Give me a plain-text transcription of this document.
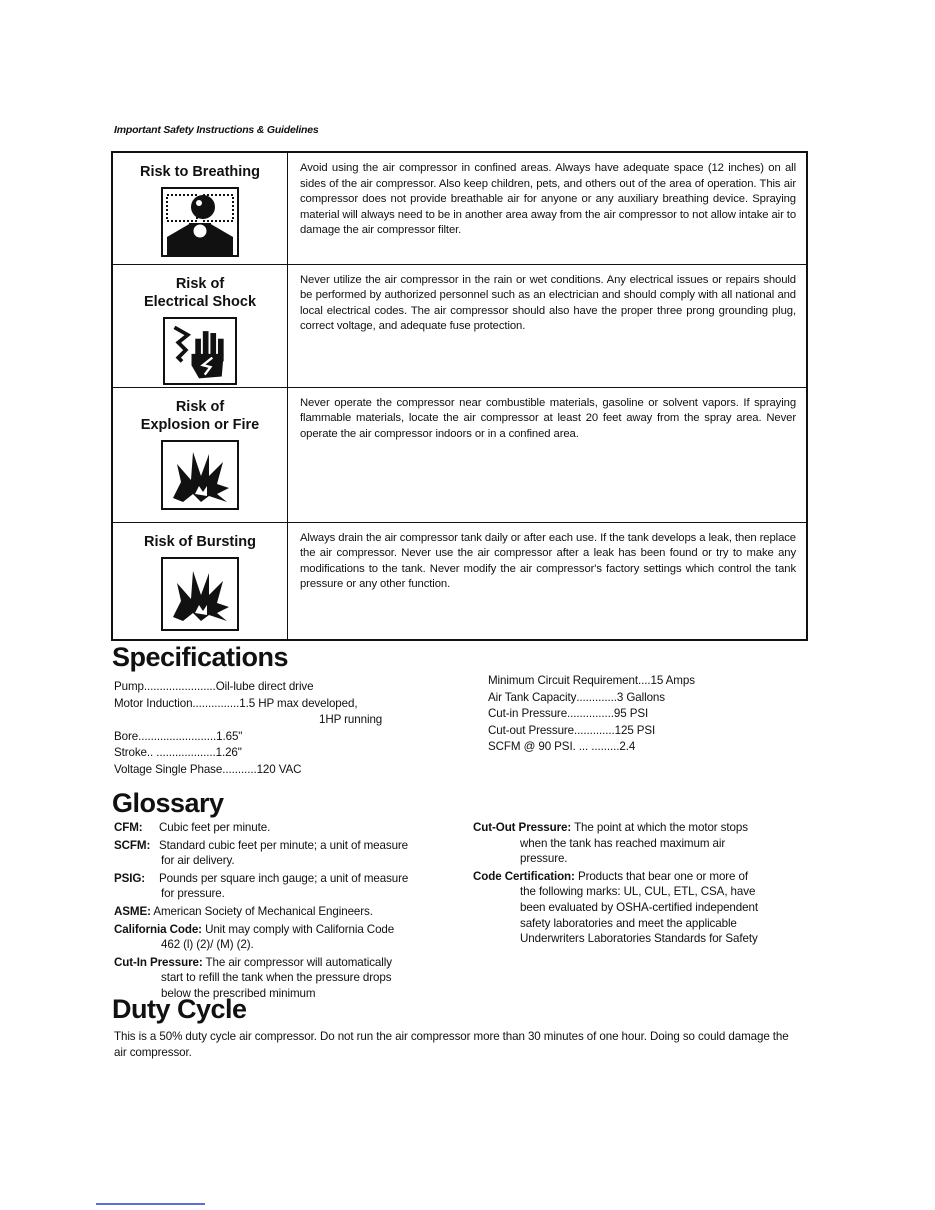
Important Safety Instructions & Guidelines
Risk to Breathing	Avoid using the air compressor in confined areas. Always have adequate space (12 inches) on all sides of the air compressor. Also keep children, pets, and others out of the area of operation. This air compressor does not provide breathable air for anyone or any auxiliary breathing device. Spraying material will always need to be in another area away from the air compressor to not allow intake air to damage the air compressor filter.

Risk of
Electrical Shock	Never utilize the air compressor in the rain or wet conditions. Any electrical issues or repairs should be performed by authorized personnel such as an electrician and should comply with all national and local electrical codes. The air compressor should also have the proper three prong grounding plug, correct voltage, and adequate fuse protection.

Risk of
Explosion or Fire	Never operate the compressor near combustible materials, gasoline or solvent vapors. If spraying flammable materials, locate the air compressor at least 20 feet away from the spray area. Never operate the air compressor indoors or in a confined area.

Risk of Bursting	Always drain the air compressor tank daily or after each use. If the tank develops a leak, then replace the air compressor. Never use the air compressor after a leak has been found or try to make any modifications to the tank. Never modify the air compressor's factory settings which control the tank pressure or any other function.
Specifications
Pump ....................... Oil-lube direct drive
Motor Induction ............... 1.5 HP max developed,
1HP running
Bore ......................... 1.65"
Stroke .. ................... 1.26"
Voltage Single Phase ........... 120 VAC
Minimum Circuit Requirement .... 15 Amps
Air Tank Capacity ............. 3 Gallons
Cut-in Pressure ............... 95 PSI
Cut-out Pressure ............. 125 PSI
SCFM @ 90 PSI . ... ......... 2.4
Glossary
CFM: Cubic feet per minute.
SCFM: Standard cubic feet per minute; a unit of measure
for air delivery.
PSIG: Pounds per square inch gauge; a unit of measure
for pressure.
ASME: American Society of Mechanical Engineers.
California Code: Unit may comply with California Code
462 (l) (2)/ (M) (2).
Cut-In Pressure: The air compressor will automatically
start to refill the tank when the pressure drops
below the prescribed minimum
Cut-Out Pressure: The point at which the motor stops
when the tank has reached maximum air
pressure.
Code Certification: Products that bear one or more of
the following marks: UL, CUL, ETL, CSA, have
been evaluated by OSHA-certified independent
safety laboratories and meet the applicable
Underwriters Laboratories Standards for Safety
Duty Cycle
This is a 50% duty cycle air compressor. Do not run the air compressor more than 30 minutes of one hour. Doing so could damage the air compressor.
